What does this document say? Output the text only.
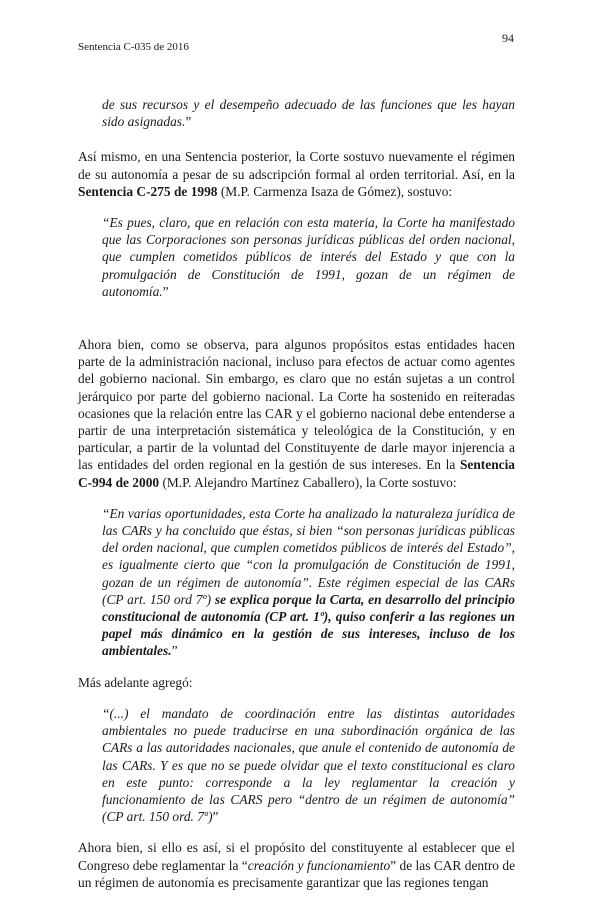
Sentencia C-035 de 2016
94

de sus recursos y el desempeño adecuado de las funciones que les hayan sido asignadas.”

Así mismo, en una Sentencia posterior, la Corte sostuvo nuevamente el régimen de su autonomía a pesar de su adscripción formal al orden territorial. Así, en la Sentencia C-275 de 1998 (M.P. Carmenza Isaza de Gómez), sostuvo:

“Es pues, claro, que en relación con esta materia, la Corte ha manifestado que las Corporaciones son personas jurídicas públicas del orden nacional, que cumplen cometidos públicos de interés del Estado y que con la promulgación de Constitución de 1991, gozan de un régimen de autonomía.”

Ahora bien, como se observa, para algunos propósitos estas entidades hacen parte de la administración nacional, incluso para efectos de actuar como agentes del gobierno nacional. Sin embargo, es claro que no están sujetas a un control jerárquico por parte del gobierno nacional. La Corte ha sostenido en reiteradas ocasiones que la relación entre las CAR y el gobierno nacional debe entenderse a partir de una interpretación sistemática y teleológica de la Constitución, y en particular, a partir de la voluntad del Constituyente de darle mayor injerencia a las entidades del orden regional en la gestión de sus intereses. En la Sentencia C-994 de 2000 (M.P. Alejandro Martínez Caballero), la Corte sostuvo:

“En varias oportunidades, esta Corte ha analizado la naturaleza jurídica de las CARs y ha concluido que éstas, si bien “son personas jurídicas públicas del orden nacional, que cumplen cometidos públicos de interés del Estado”, es igualmente cierto que “con la promulgación de Constitución de 1991, gozan de un régimen de autonomía”. Este régimen especial de las CARs (CP art. 150 ord 7º) se explica porque la Carta, en desarrollo del principio constitucional de autonomía (CP art. 1º), quiso conferir a las regiones un papel más dinámico en la gestión de sus intereses, incluso de los ambientales.”

Más adelante agregó:

“(...) el mandato de coordinación entre las distintas autoridades ambientales no puede traducirse en una subordinación orgánica de las CARs a las autoridades nacionales, que anule el contenido de autonomía de las CARs. Y es que no se puede olvidar que el texto constitucional es claro en este punto: corresponde a la ley reglamentar la creación y funcionamiento de las CARS pero “dentro de un régimen de autonomía” (CP art. 150 ord. 7º)”

Ahora bien, si ello es así, si el propósito del constituyente al establecer que el Congreso debe reglamentar la “creación y funcionamiento” de las CAR dentro de un régimen de autonomía es precisamente garantizar que las regiones tengan
